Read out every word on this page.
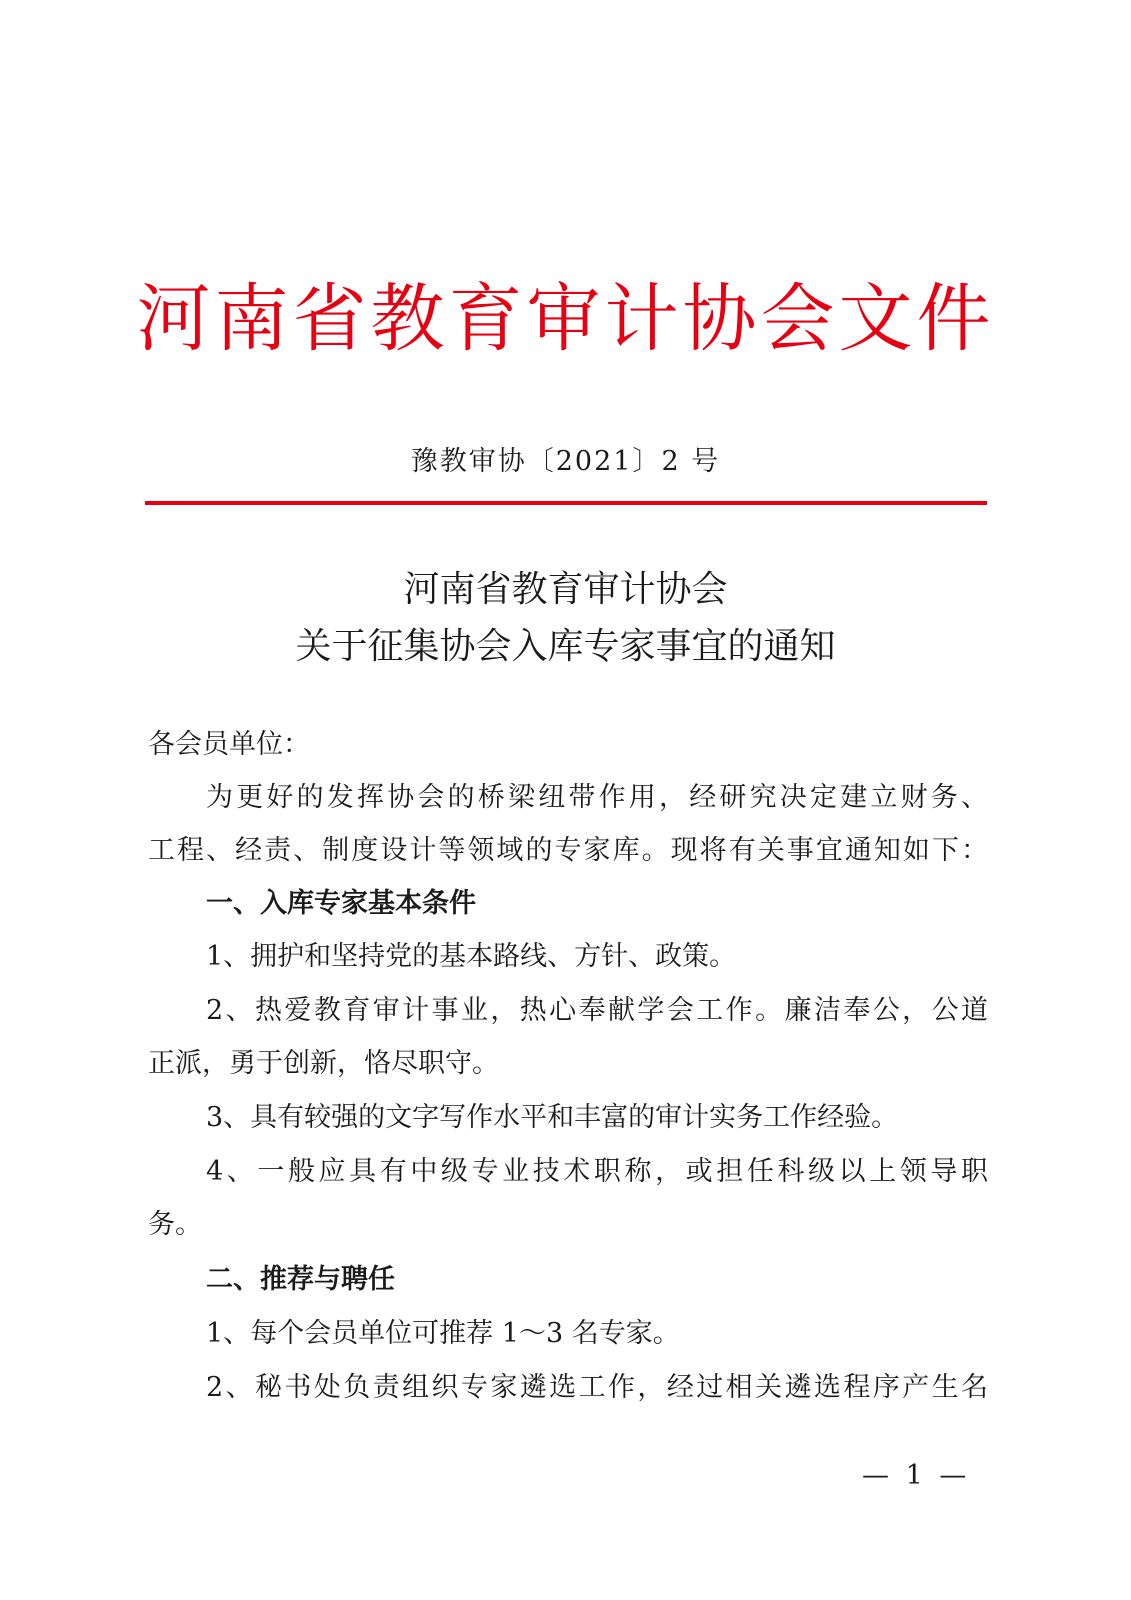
河南省教育审计协会文件
豫教审协〔2021〕2 号
河南省教育审计协会
关于征集协会入库专家事宜的通知
各会员单位：
为更好的发挥协会的桥梁纽带作用，经研究决定建立财务、
工程、经责、制度设计等领域的专家库。现将有关事宜通知如下：
一、入库专家基本条件
1、拥护和坚持党的基本路线、方针、政策。
2、热爱教育审计事业，热心奉献学会工作。廉洁奉公，公道
正派，勇于创新，恪尽职守。
3、具有较强的文字写作水平和丰富的审计实务工作经验。
4、一般应具有中级专业技术职称，或担任科级以上领导职
务。
二、推荐与聘任
1、每个会员单位可推荐 1～3 名专家。
2、秘书处负责组织专家遴选工作，经过相关遴选程序产生名
— 1 —
